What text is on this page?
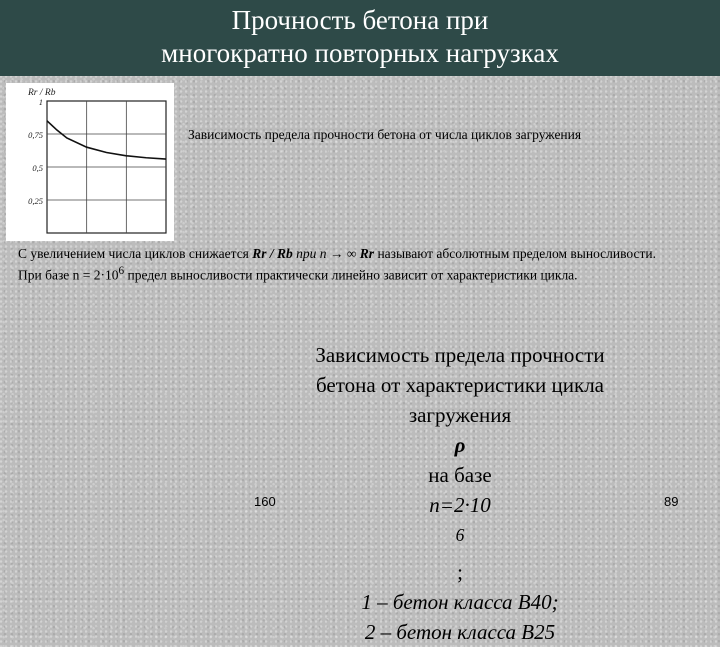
Прочность бетона при
многократно повторных нагрузках
1
0,75
0,5
0,25
Rr / Rb
Зависимость предела прочности бетона от числа циклов загружения

С увеличением числа циклов снижается Rr / Rb при n → ∞ Rr называют абсолютным пределом выносливости.

При базе $n = 2\cdot 10^6$ предел выносливости практически линейно зависит от характеристики цикла.

Зависимость предела прочности
бетона от характеристики цикла
загружения
ρ
на базе
n=2·10
$^6$
;
1 – бетон класса В40;
2 – бетон класса В25
160	89
